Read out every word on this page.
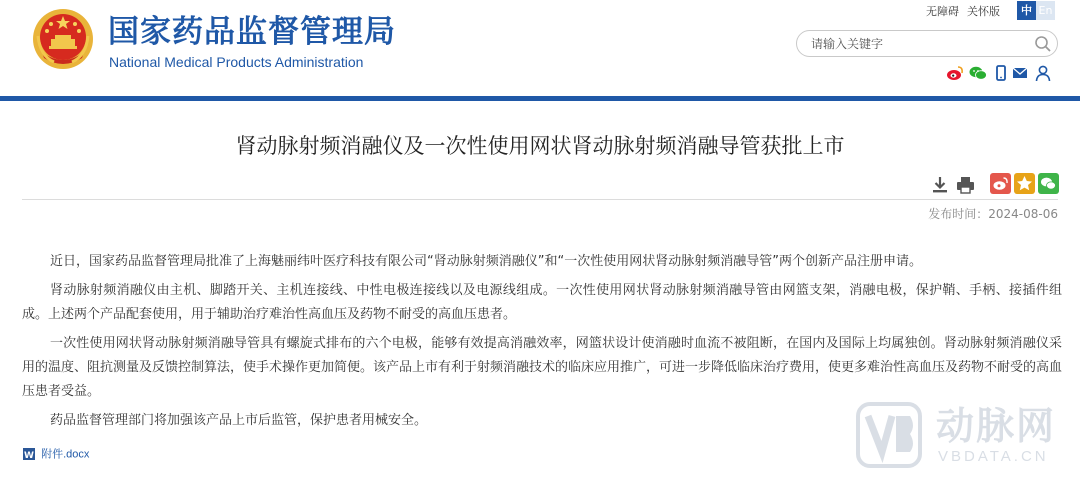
国家药品监督管理局
National Medical Products Administration
无障碍 关怀版	中 En
请输入关键字
肾动脉射频消融仪及一次性使用网状肾动脉射频消融导管获批上市
发布时间：2024-08-06

近日，国家药品监督管理局批准了上海魅丽纬叶医疗科技有限公司“肾动脉射频消融仪”和“一次性使用网状肾动脉射频消融导管”两个创新产品注册申请。

肾动脉射频消融仪由主机、脚踏开关、主机连接线、中性电极连接线以及电源线组成。一次性使用网状肾动脉射频消融导管由网篮支架，消融电极，保护鞘、手柄、接插件组成。上述两个产品配套使用，用于辅助治疗难治性高血压及药物不耐受的高血压患者。

一次性使用网状肾动脉射频消融导管具有螺旋式排布的六个电极，能够有效提高消融效率，网篮状设计使消融时血流不被阻断，在国内及国际上均属独创。肾动脉射频消融仪采用的温度、阻抗测量及反馈控制算法，使手术操作更加简便。该产品上市有利于射频消融技术的临床应用推广，可进一步降低临床治疗费用，使更多难治性高血压及药物不耐受的高血压患者受益。

药品监督管理部门将加强该产品上市后监管，保护患者用械安全。

W 附件.docx
动脉网
VBDATA.CN
